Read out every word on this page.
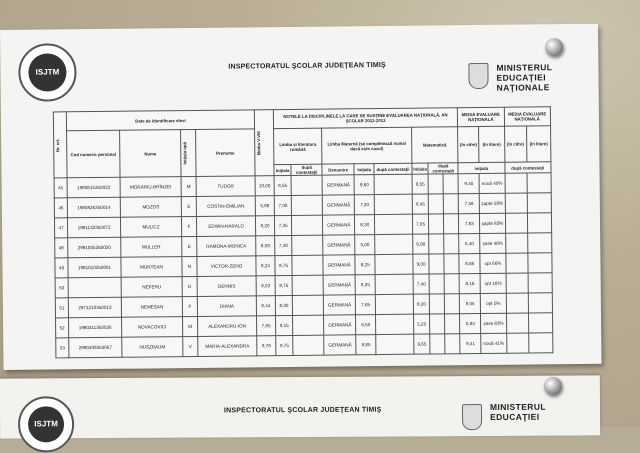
ISJTM
INSPECTORATUL ŞCOLAR JUDEŢEAN TIMIŞ	MINISTERUL
EDUCAŢIEI
NAŢIONALE
Nr. crt.	Date de identificare elevi				Media V-VIII	NOTELE LA DISCIPLINELE LA CARE SE SUSŢINE EVALUAREA NAŢIONALĂ, AN ŞCOLAR 2012-2013								MEDIA EVALUARE NAŢIONALĂ		MEDIA EVALUARE NAŢIONALĂ	
	Cod numeric personal	Nume	Iniţiala tată	Prenume		Limba şi literatura română		Limba Maternă (se completează numai dacă este cazul)			Matematică			(în cifre)	(în litere)	(în cifre)	(în litere)
						Iniţiala	după contestaţii	Denumire	Iniţiala	după contestaţii	Iniţiala	după contestaţii		iniţiala		după contestaţii	
45	1980815350022	MORARIU-BRÎNZEI	M	TUDOR	10,00	8,65		GERMANĂ	9,60		9,55			9,40	nouă 40%		
46	1980826350014	MOZOS	E	COSTIN-EMILIAN	6,88	7,00		GERMANĂ	7,30		8,45			7,58	şapte 58%		
47	1981132350072	MULICZ	F	EDWIN-HARALD	8,20	7,35		GERMANĂ	8,30		7,85			7,83	şapte 83%		
48	2981005350020	MULLER	E	RAMONA-MONICA	8,09	7,40		GERMANĂ	5,00		6,80			6,40	şase 40%		
49	1981010350061	MUNTEAN	N	VICTOR-ZENO	8,24	8,75		GERMANĂ	8,25		9,00			8,66	opt 66%		
50		NEFERU	D	DENNIS	8,53	8,75		GERMANĂ	8,35		7,40			8,16	opt 16%		
51	2971210350013	NEMEŞAN	F	DIANA	8,44	8,30		GERMANĂ	7,65		8,20			8,05	opt 5%		
52	1980311350026	NOVACOVICI	M	ALEXANDRU-ION	7,65	9,15		GERMANĂ	6,50		5,25			6,83	şase 83%		
53	2980408350067	NUSZBAUM	V	MARIA-ALEXANDRA	9,78	9,75		GERMANĂ	8,85		9,65			9,41	nouă 41%		
ISJTM
INSPECTORATUL ŞCOLAR JUDEŢEAN TIMIŞ	MINISTERUL
EDUCAŢIEI
